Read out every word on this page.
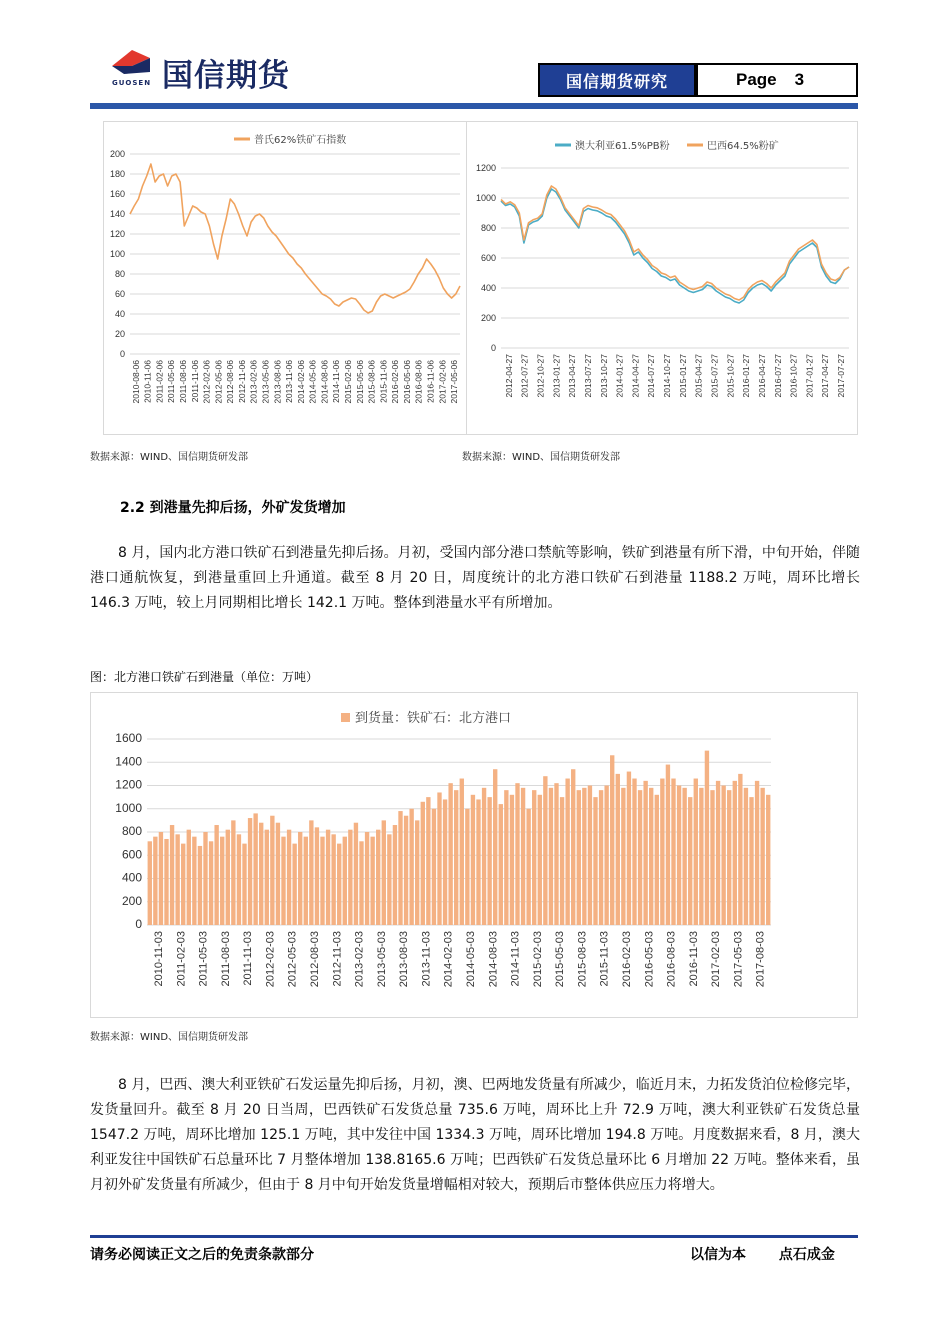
国信期货
GUOSEN	国信期货研究	Page 3
0
20
40
60
80
100
120
140
160
180
200
2010-08-06 2010-11-06 2011-02-06 2011-05-06 2011-08-06 2011-11-06 2012-02-06 2012-05-06 2012-08-06 2012-11-06 2013-02-06 2013-05-06 2013-08-06 2013-11-06 2014-02-06 2014-05-06 2014-08-06 2014-11-06 2015-02-06 2015-05-06 2015-08-06 2015-11-06 2016-02-06 2016-05-06 2016-08-06 2016-11-06 2017-02-06 2017-05-06
普氏62%铁矿石指数
数据来源：WIND、国信期货研发部
0
200
400
600
800
1000
1200
2012-04-27 2012-07-27 2012-10-27 2013-01-27 2013-04-27 2013-07-27 2013-10-27 2014-01-27 2014-04-27 2014-07-27 2014-10-27 2015-01-27 2015-04-27 2015-07-27 2015-10-27 2016-01-27 2016-04-27 2016-07-27 2016-10-27 2017-01-27 2017-04-27 2017-07-27
澳大利亚61.5%PB粉	巴西64.5%粉矿
数据来源：WIND、国信期货研发部
2.2 到港量先抑后扬，外矿发货增加
8 月，国内北方港口铁矿石到港量先抑后扬。月初，受国内部分港口禁航等影响，铁矿到港量有所下滑，中旬开始，伴随港口通航恢复，到港量重回上升通道。截至 8 月 20 日，周度统计的北方港口铁矿石到港量 1188.2 万吨，周环比增长 146.3 万吨，较上月同期相比增长 142.1 万吨。整体到港量水平有所增加。
图：北方港口铁矿石到港量（单位：万吨）
0
200
400
600
800
1000
1200
1400
1600
2010-11-03 2011-02-03 2011-05-03 2011-08-03 2011-11-03 2012-02-03 2012-05-03 2012-08-03 2012-11-03 2013-02-03 2013-05-03 2013-08-03 2013-11-03 2014-02-03 2014-05-03 2014-08-03 2014-11-03 2015-02-03 2015-05-03 2015-08-03 2015-11-03 2016-02-03 2016-05-03 2016-08-03 2016-11-03 2017-02-03 2017-05-03 2017-08-03
到货量：铁矿石：北方港口
数据来源：WIND、国信期货研发部
8 月，巴西、澳大利亚铁矿石发运量先抑后扬，月初，澳、巴两地发货量有所减少，临近月末，力拓发货泊位检修完毕，发货量回升。截至 8 月 20 日当周，巴西铁矿石发货总量 735.6 万吨，周环比上升 72.9 万吨，澳大利亚铁矿石发货总量 1547.2 万吨，周环比增加 125.1 万吨，其中发往中国 1334.3 万吨，周环比增加 194.8 万吨。月度数据来看，8 月，澳大利亚发往中国铁矿石总量环比 7 月整体增加 138.8165.6 万吨；巴西铁矿石发货总量环比 6 月增加 22 万吨。整体来看，虽月初外矿发货量有所减少，但由于 8 月中旬开始发货量增幅相对较大，预期后市整体供应压力将增大。
请务必阅读正文之后的免责条款部分	以信为本 点石成金
